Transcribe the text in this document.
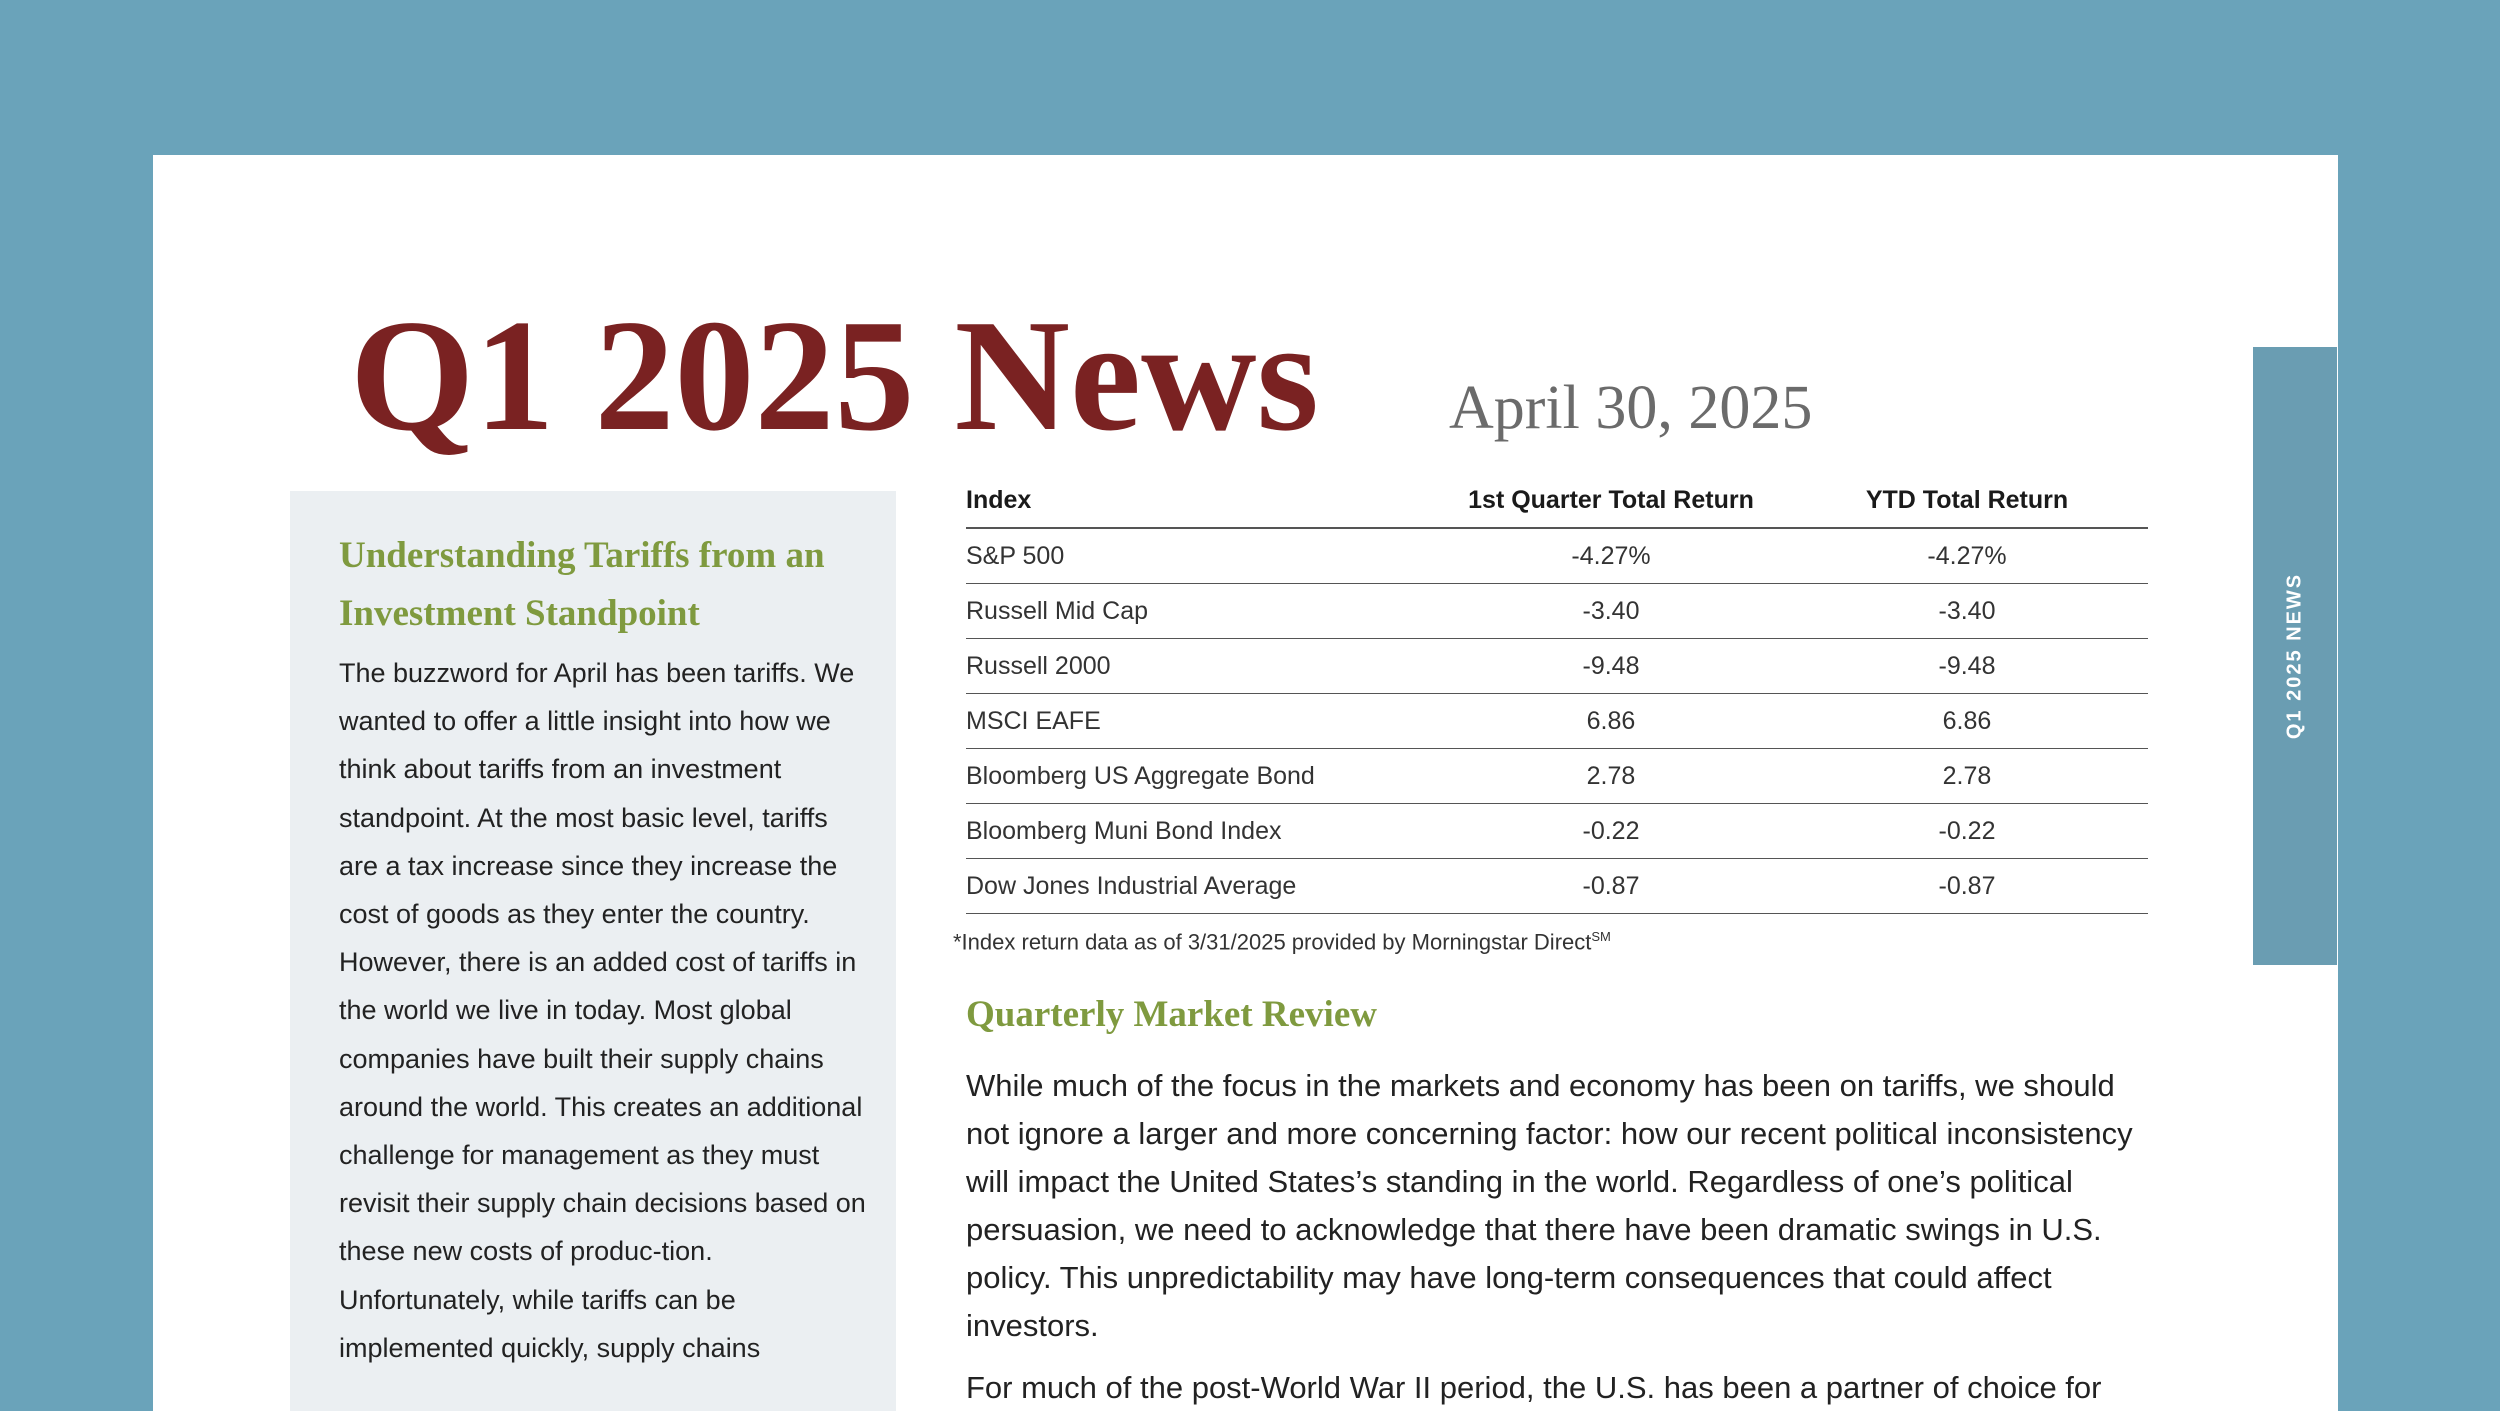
Q1 2025 News April 30, 2025
Understanding Tariffs from an Investment Standpoint

The buzzword for April has been tariffs. We wanted to offer a little insight into how we think about tariffs from an investment standpoint. At the most basic level, tariffs are a tax increase since they increase the cost of goods as they enter the country. However, there is an added cost of tariffs in the world we live in today. Most global companies have built their supply chains around the world. This creates an additional challenge for management as they must revisit their supply chain decisions based on these new costs of produc-tion. Unfortunately, while tariffs can be implemented quickly, supply chains

Index	1st Quarter Total Return	YTD Total Return
S&P 500	-4.27%	-4.27%
Russell Mid Cap	-3.40	-3.40
Russell 2000	-9.48	-9.48
MSCI EAFE	6.86	6.86
Bloomberg US Aggregate Bond	2.78	2.78
Bloomberg Muni Bond Index	-0.22	-0.22
Dow Jones Industrial Average	-0.87	-0.87
*Index return data as of 3/31/2025 provided by Morningstar Direct℠
Quarterly Market Review

While much of the focus in the markets and economy has been on tariffs, we should not ignore a larger and more concerning factor: how our recent political inconsistency will impact the United States’s standing in the world. Regardless of one’s political persuasion, we need to acknowledge that there have been dramatic swings in U.S. policy. This unpredictability may have long-term consequences that could affect investors.

For much of the post-World War II period, the U.S. has been a partner of choice for

Q1 2025 NEWS
